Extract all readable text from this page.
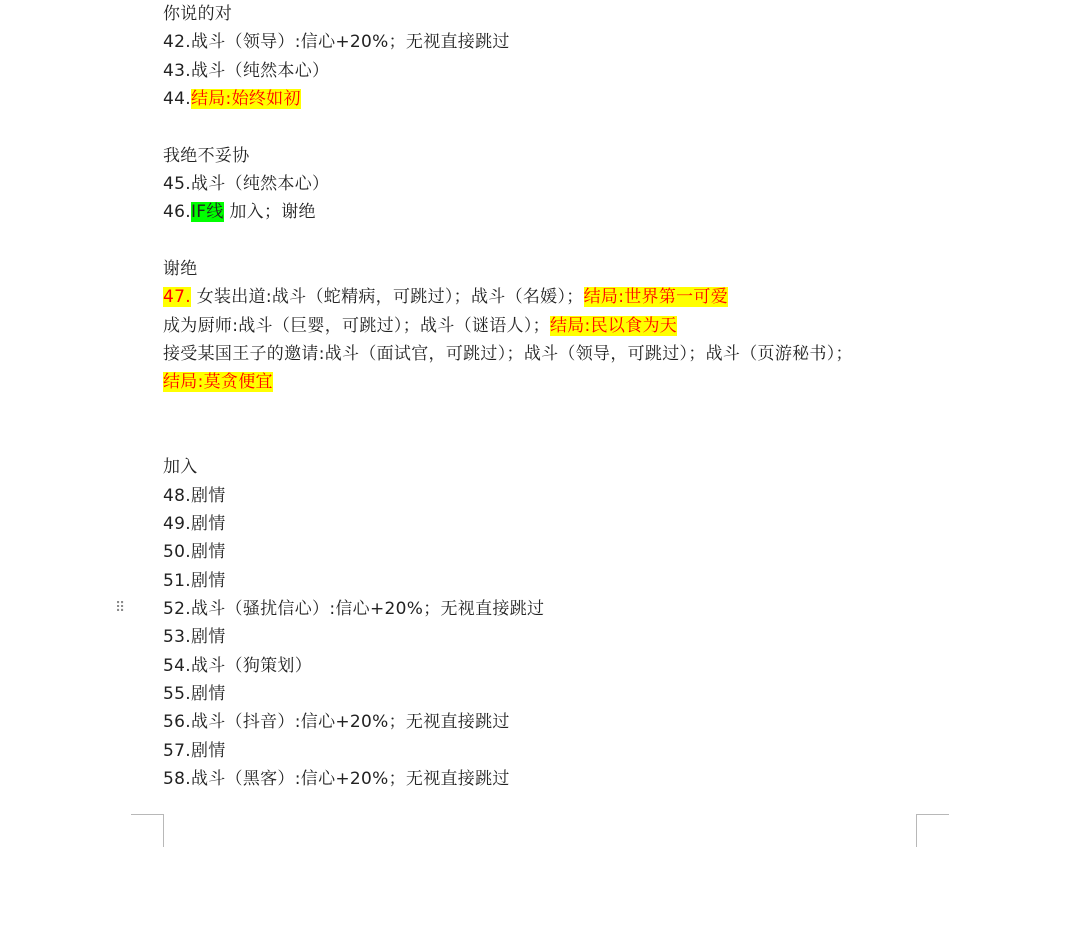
你说的对
42.战斗（领导）:信心+20%；无视直接跳过
43.战斗（纯然本心）
44.结局:始终如初
我绝不妥协
45.战斗（纯然本心）
46.IF线 加入；谢绝
谢绝
47. 女装出道:战斗（蛇精病，可跳过）；战斗（名媛）；结局:世界第一可爱
成为厨师:战斗（巨婴，可跳过）；战斗（谜语人）；结局:民以食为天
接受某国王子的邀请:战斗（面试官，可跳过）；战斗（领导，可跳过）；战斗（页游秘书）；
结局:莫贪便宜
加入
48.剧情
49.剧情
50.剧情
51.剧情
52.战斗（骚扰信心）:信心+20%；无视直接跳过
53.剧情
54.战斗（狗策划）
55.剧情
56.战斗（抖音）:信心+20%；无视直接跳过
57.剧情
58.战斗（黑客）:信心+20%；无视直接跳过
⠿
